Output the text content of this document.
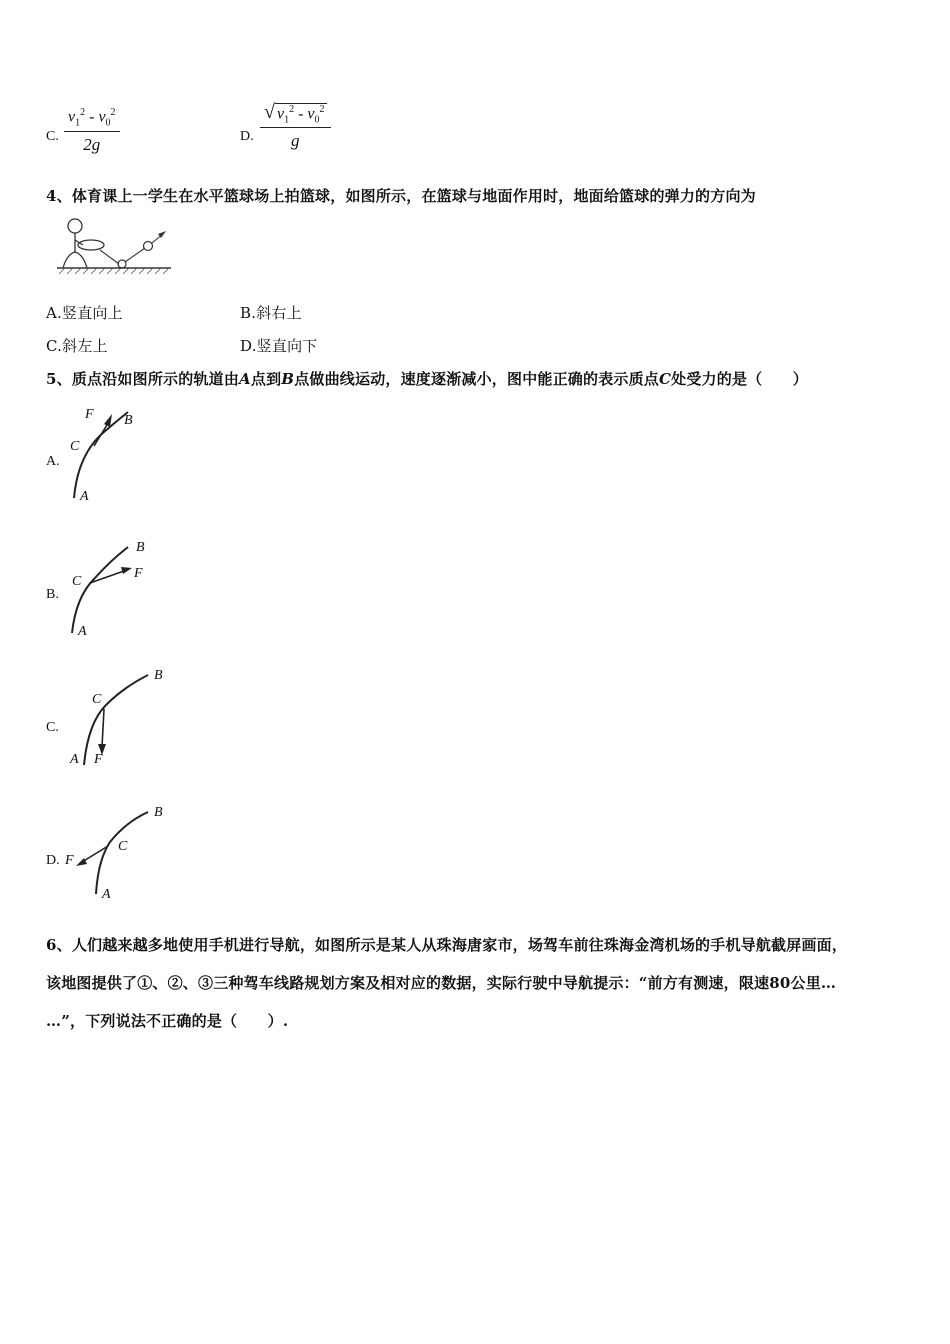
C. $\frac{v_1^2 - v_0^2}{2g}$	D. $\frac{√ v_1^2 - v_0^2}{g}$
4、体育课上一学生在水平篮球场上拍篮球，如图所示，在篮球与地面作用时，地面给篮球的弹力的方向为
A.竖直向上	B.斜右上
C.斜左上	D.竖直向下
5、质点沿如图所示的轨道由A点到B点做曲线运动，速度逐渐减小，图中能正确的表示质点C处受力的是（　　）
A.
F B
C
A
B.
B
F
C
A
C.
B
C
A F
D.
B
C
F
A
6、人们越来越多地使用手机进行导航，如图所示是某人从珠海唐家市，场驾车前往珠海金湾机场的手机导航截屏画面，
该地图提供了①、②、③三种驾车线路规划方案及相对应的数据，实际行驶中导航提示：“前方有测速，限速80公里…
…”，下列说法不正确的是（　　）.
